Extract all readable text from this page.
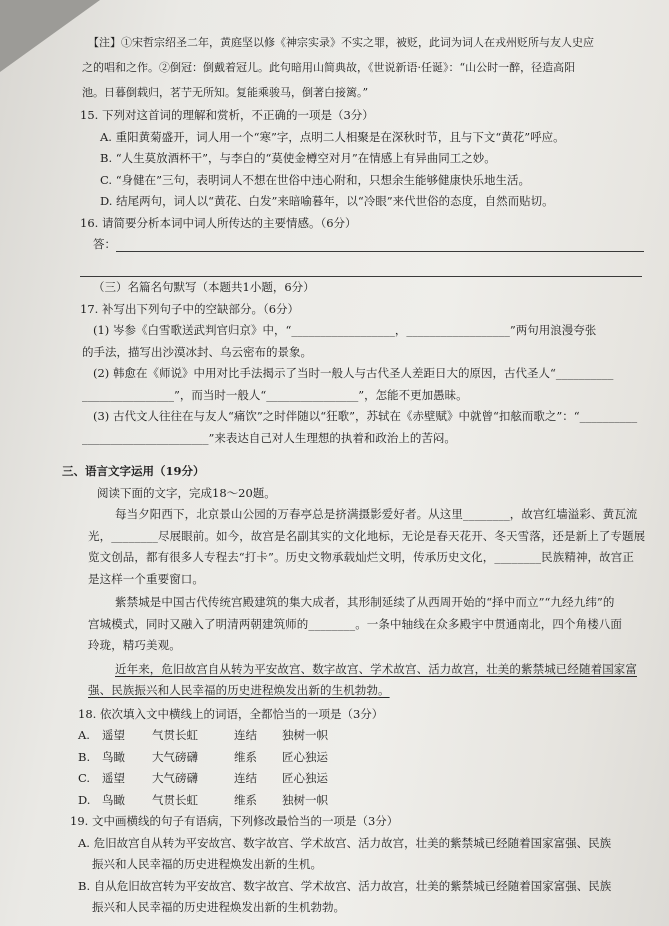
【注】①宋哲宗绍圣二年，黄庭坚以修《神宗实录》不实之罪，被贬，此词为词人在戎州贬所与友人史应
之的唱和之作。②倒冠：倒戴着冠儿。此句暗用山简典故，《世说新语·任诞》：“山公时一醉，径造高阳
池。日暮倒载归，茗艼无所知。复能乘骏马，倒著白接篱。”
15. 下列对这首词的理解和赏析，不正确的一项是（3分）
A. 重阳黄菊盛开，词人用一个“寒”字，点明二人相聚是在深秋时节，且与下文“黄花”呼应。
B. “人生莫放酒杯干”，与李白的“莫使金樽空对月”在情感上有异曲同工之妙。
C. “身健在”三句，表明词人不想在世俗中违心附和，只想余生能够健康快乐地生活。
D. 结尾两句，词人以“黄花、白发”来暗喻暮年，以“冷眼”来代世俗的态度，自然而贴切。
16. 请简要分析本词中词人所传达的主要情感。（6分）
答：
（三）名篇名句默写（本题共1小题，6分）
17. 补写出下列句子中的空缺部分。（6分）
(1) 岑参《白雪歌送武判官归京》中，“__________________，__________________”两句用浪漫夸张
的手法，描写出沙漠冰封、乌云密布的景象。
(2) 韩愈在《师说》中用对比手法揭示了当时一般人与古代圣人差距日大的原因，古代圣人“__________
________________”，而当时一般人“________________”，怎能不更加愚昧。
(3) 古代文人往往在与友人“痛饮”之时伴随以“狂歌”，苏轼在《赤壁赋》中就曾“扣舷而歌之”：“__________
______________________”来表达自己对人生理想的执着和政治上的苦闷。
三、语言文字运用（19分）
阅读下面的文字，完成18～20题。
每当夕阳西下，北京景山公园的万春亭总是挤满摄影爱好者。从这里________，故宫红墙溢彩、黄瓦流
光，________尽展眼前。如今，故宫是名副其实的文化地标，无论是春天花开、冬天雪落，还是新上了专题展
览文创品，都有很多人专程去“打卡”。历史文物承载灿烂文明，传承历史文化，________民族精神，故宫正
是这样一个重要窗口。
紫禁城是中国古代传统宫殿建筑的集大成者，其形制延续了从西周开始的“择中而立”“九经九纬”的
宫城模式，同时又融入了明清两朝建筑师的________。一条中轴线在众多殿宇中贯通南北，四个角楼八面
玲珑，精巧美观。
近年来，危旧故宫自从转为平安故宫、数字故宫、学术故宫、活力故宫，壮美的紫禁城已经随着国家富
强、民族振兴和人民幸福的历史进程焕发出新的生机勃勃。
18. 依次填入文中横线上的词语，全都恰当的一项是（3分）
A. 遥望 气贯长虹	连结 独树一帜
B. 鸟瞰 大气磅礴	维系 匠心独运
C. 遥望 大气磅礴	连结 匠心独运
D. 鸟瞰 气贯长虹	维系 独树一帜
19. 文中画横线的句子有语病，下列修改最恰当的一项是（3分）
A. 危旧故宫自从转为平安故宫、数字故宫、学术故宫、活力故宫，壮美的紫禁城已经随着国家富强、民族
振兴和人民幸福的历史进程焕发出新的生机。
B. 自从危旧故宫转为平安故宫、数字故宫、学术故宫、活力故宫，壮美的紫禁城已经随着国家富强、民族
振兴和人民幸福的历史进程焕发出新的生机勃勃。
